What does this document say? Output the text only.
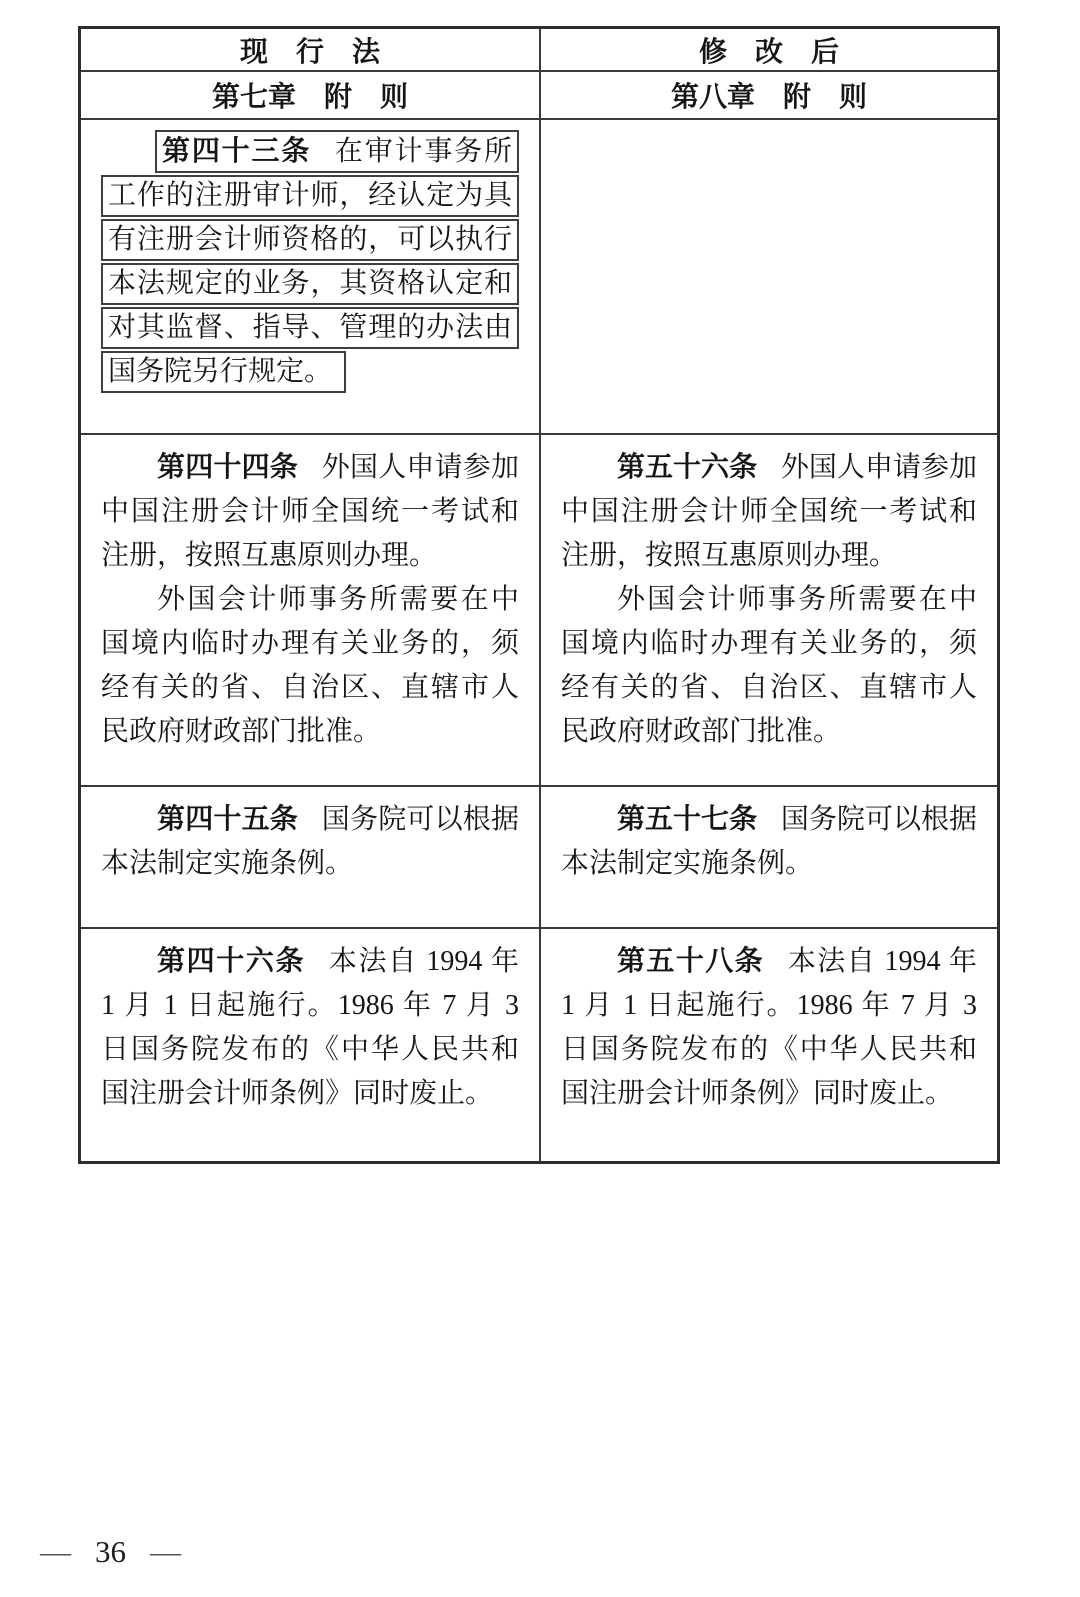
现　行　法	修　改　后
第七章　附　则	第八章　附　则
第四十三条 在审计事务所
工作的注册审计师，经认定为具
有注册会计师资格的，可以执行
本法规定的业务，其资格认定和
对其监督、指导、管理的办法由
国务院另行规定。

第四十四条 外国人申请参加中国注册会计师全国统一考试和注册，按照互惠原则办理。

外国会计师事务所需要在中国境内临时办理有关业务的，须经有关的省、自治区、直辖市人民政府财政部门批准。

第五十六条 外国人申请参加中国注册会计师全国统一考试和注册，按照互惠原则办理。

外国会计师事务所需要在中国境内临时办理有关业务的，须经有关的省、自治区、直辖市人民政府财政部门批准。

第四十五条 国务院可以根据本法制定实施条例。

第五十七条 国务院可以根据本法制定实施条例。

第四十六条 本法自 1994 年 1 月 1 日起施行。1986 年 7 月 3 日国务院发布的《中华人民共和国注册会计师条例》同时废止。

第五十八条 本法自 1994 年 1 月 1 日起施行。1986 年 7 月 3 日国务院发布的《中华人民共和国注册会计师条例》同时废止。

— 36 —
